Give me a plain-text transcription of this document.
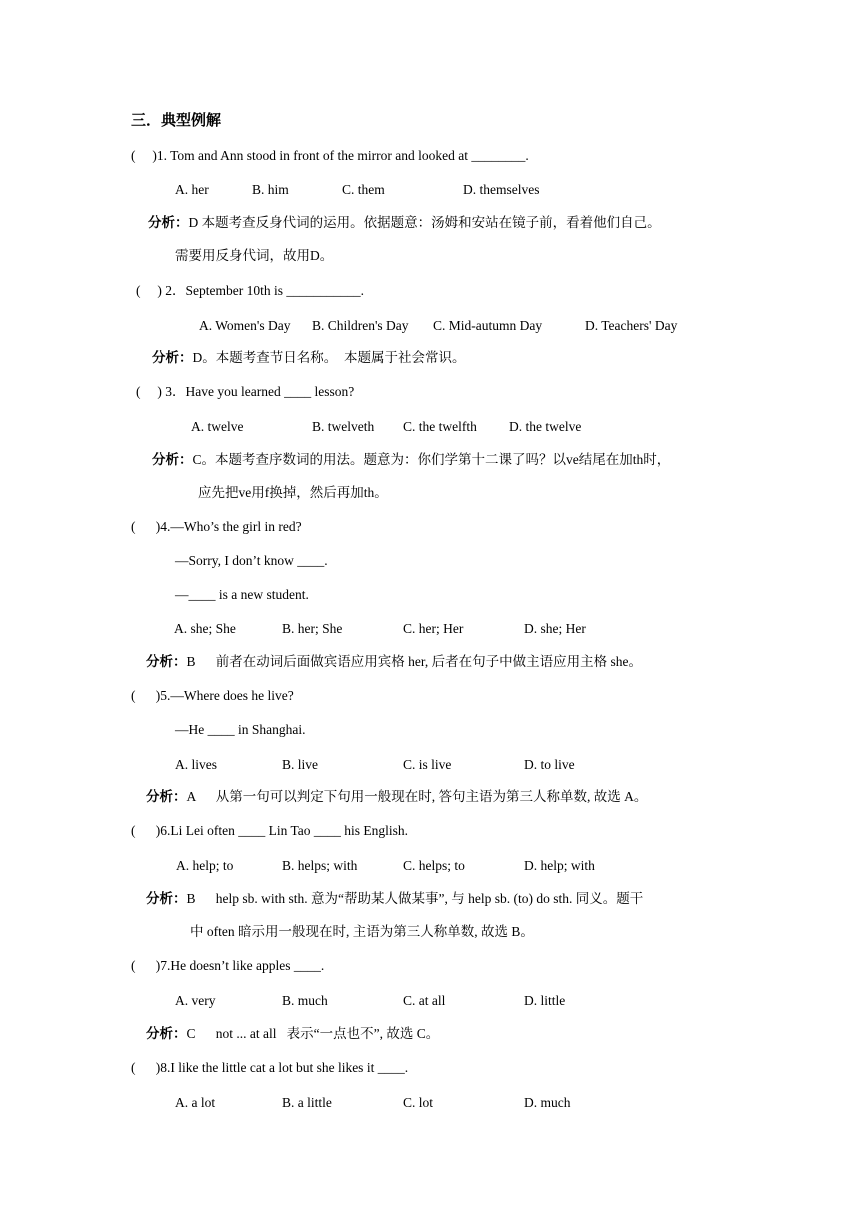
三．典型例解
(     )1. Tom and Ann stood in front of the mirror and looked at ________.
A. her	B. him	C. them	D. themselves
分析：D 本题考查反身代词的运用。依据题意：汤姆和安站在镜子前，看着他们自己。
需要用反身代词，故用D。
(     ) 2．September 10th is ___________.
A. Women's Day B. Children's Day C. Mid-autumn Day	D. Teachers' Day
分析：D。本题考查节日名称。  本题属于社会常识。
(     ) 3．Have you learned ____ lesson?
A. twelve	B. twelveth C. the twelfth D. the twelve
分析：C。本题考查序数词的用法。题意为：你们学第十二课了吗？以ve结尾在加th时，
应先把ve用f换掉，然后再加th。
(      )4.—Who’s the girl in red?
—Sorry, I don’t know ____.
—____ is a new student.
A. she; She	B. her; She	C. her; Her	D. she; Her
分析：B      前者在动词后面做宾语应用宾格 her, 后者在句子中做主语应用主格 she。
(      )5.—Where does he live?
—He ____ in Shanghai.
A. lives	B. live	C. is live	D. to live
分析：A      从第一句可以判定下句用一般现在时, 答句主语为第三人称单数, 故选 A。
(      )6.Li Lei often ____ Lin Tao ____ his English.
A. help; to	B. helps; with	C. helps; to	D. help; with
分析：B      help sb. with sth. 意为“帮助某人做某事”, 与 help sb. (to) do sth. 同义。题干
中 often 暗示用一般现在时, 主语为第三人称单数, 故选 B。
(      )7.He doesn’t like apples ____.
A. very	B. much	C. at all	D. little
分析：C      not ... at all   表示“一点也不”, 故选 C。
(      )8.I like the little cat a lot but she likes it ____.
A. a lot	B. a little	C. lot	D. much
